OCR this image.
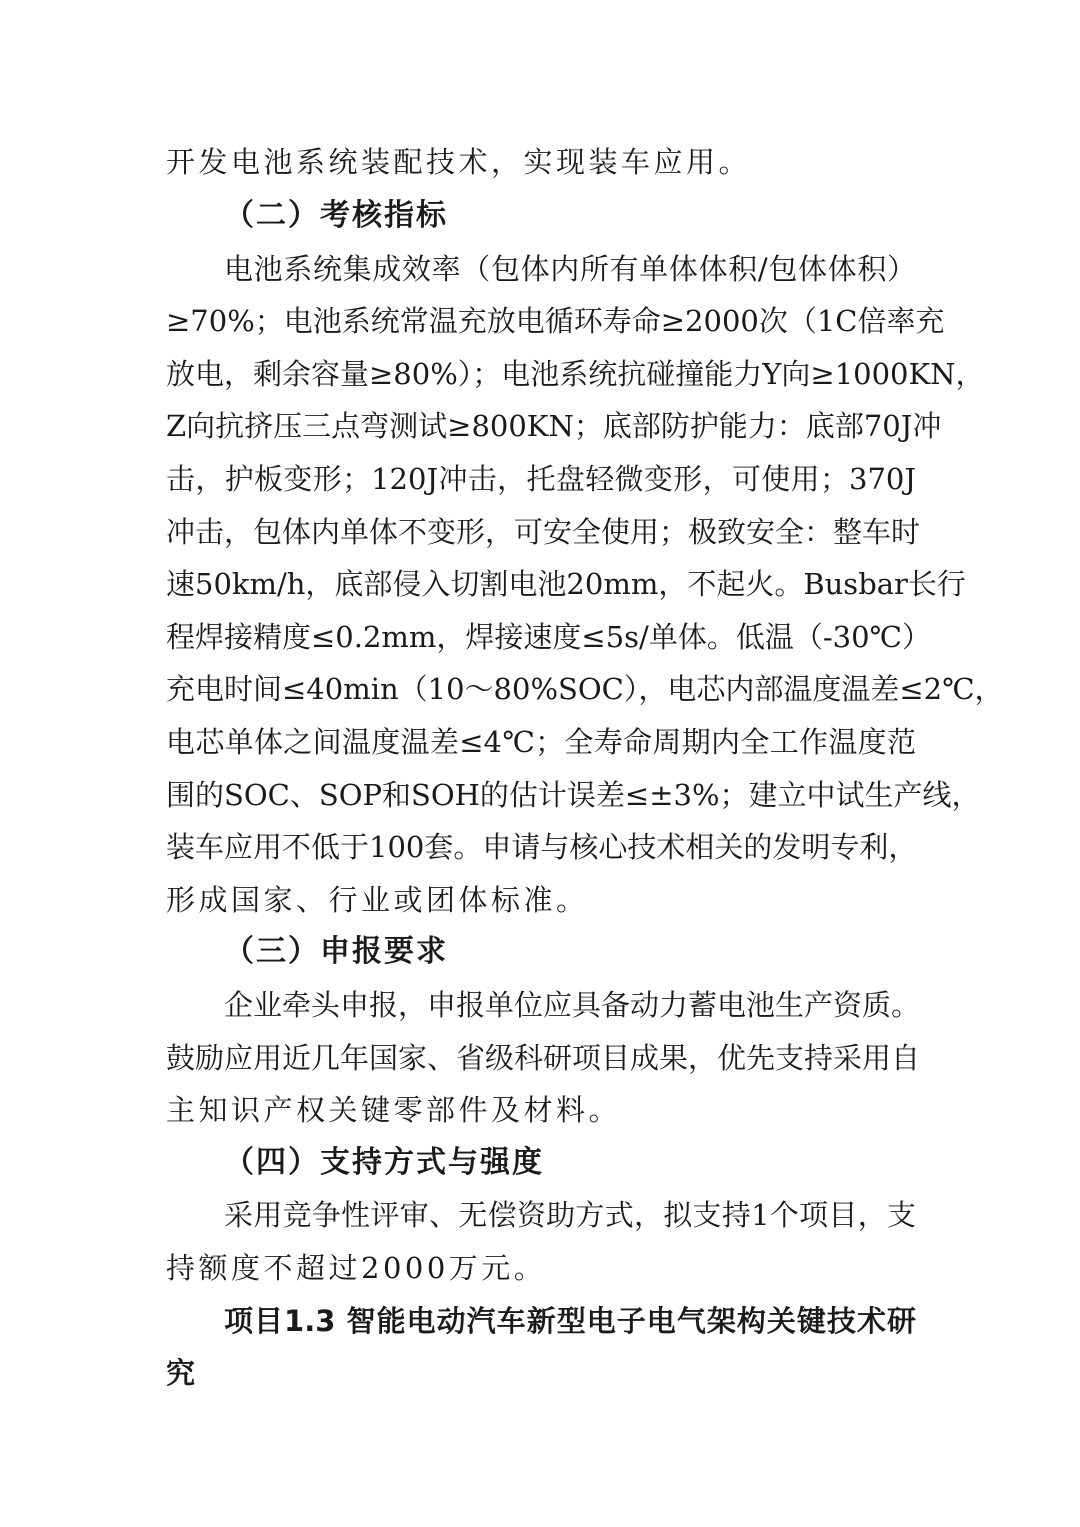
开发电池系统装配技术，实现装车应用。
（二）考核指标
电池系统集成效率（包体内所有单体体积/包体体积）
≥70%；电池系统常温充放电循环寿命≥2000次（1C倍率充
放电，剩余容量≥80%）；电池系统抗碰撞能力Y向≥1000KN，
Z向抗挤压三点弯测试≥800KN；底部防护能力：底部70J冲
击，护板变形；120J冲击，托盘轻微变形，可使用；370J
冲击，包体内单体不变形，可安全使用；极致安全：整车时
速50km/h，底部侵入切割电池20mm，不起火。Busbar长行
程焊接精度≤0.2mm，焊接速度≤5s/单体。低温（-30℃）
充电时间≤40min（10～80%SOC），电芯内部温度温差≤2℃，
电芯单体之间温度温差≤4℃；全寿命周期内全工作温度范
围的SOC、SOP和SOH的估计误差≤±3%；建立中试生产线，
装车应用不低于100套。申请与核心技术相关的发明专利，
形成国家、行业或团体标准。
（三）申报要求
企业牵头申报，申报单位应具备动力蓄电池生产资质。
鼓励应用近几年国家、省级科研项目成果，优先支持采用自
主知识产权关键零部件及材料。
（四）支持方式与强度
采用竞争性评审、无偿资助方式，拟支持1个项目，支
持额度不超过2000万元。
项目1.3 智能电动汽车新型电子电气架构关键技术研
究
